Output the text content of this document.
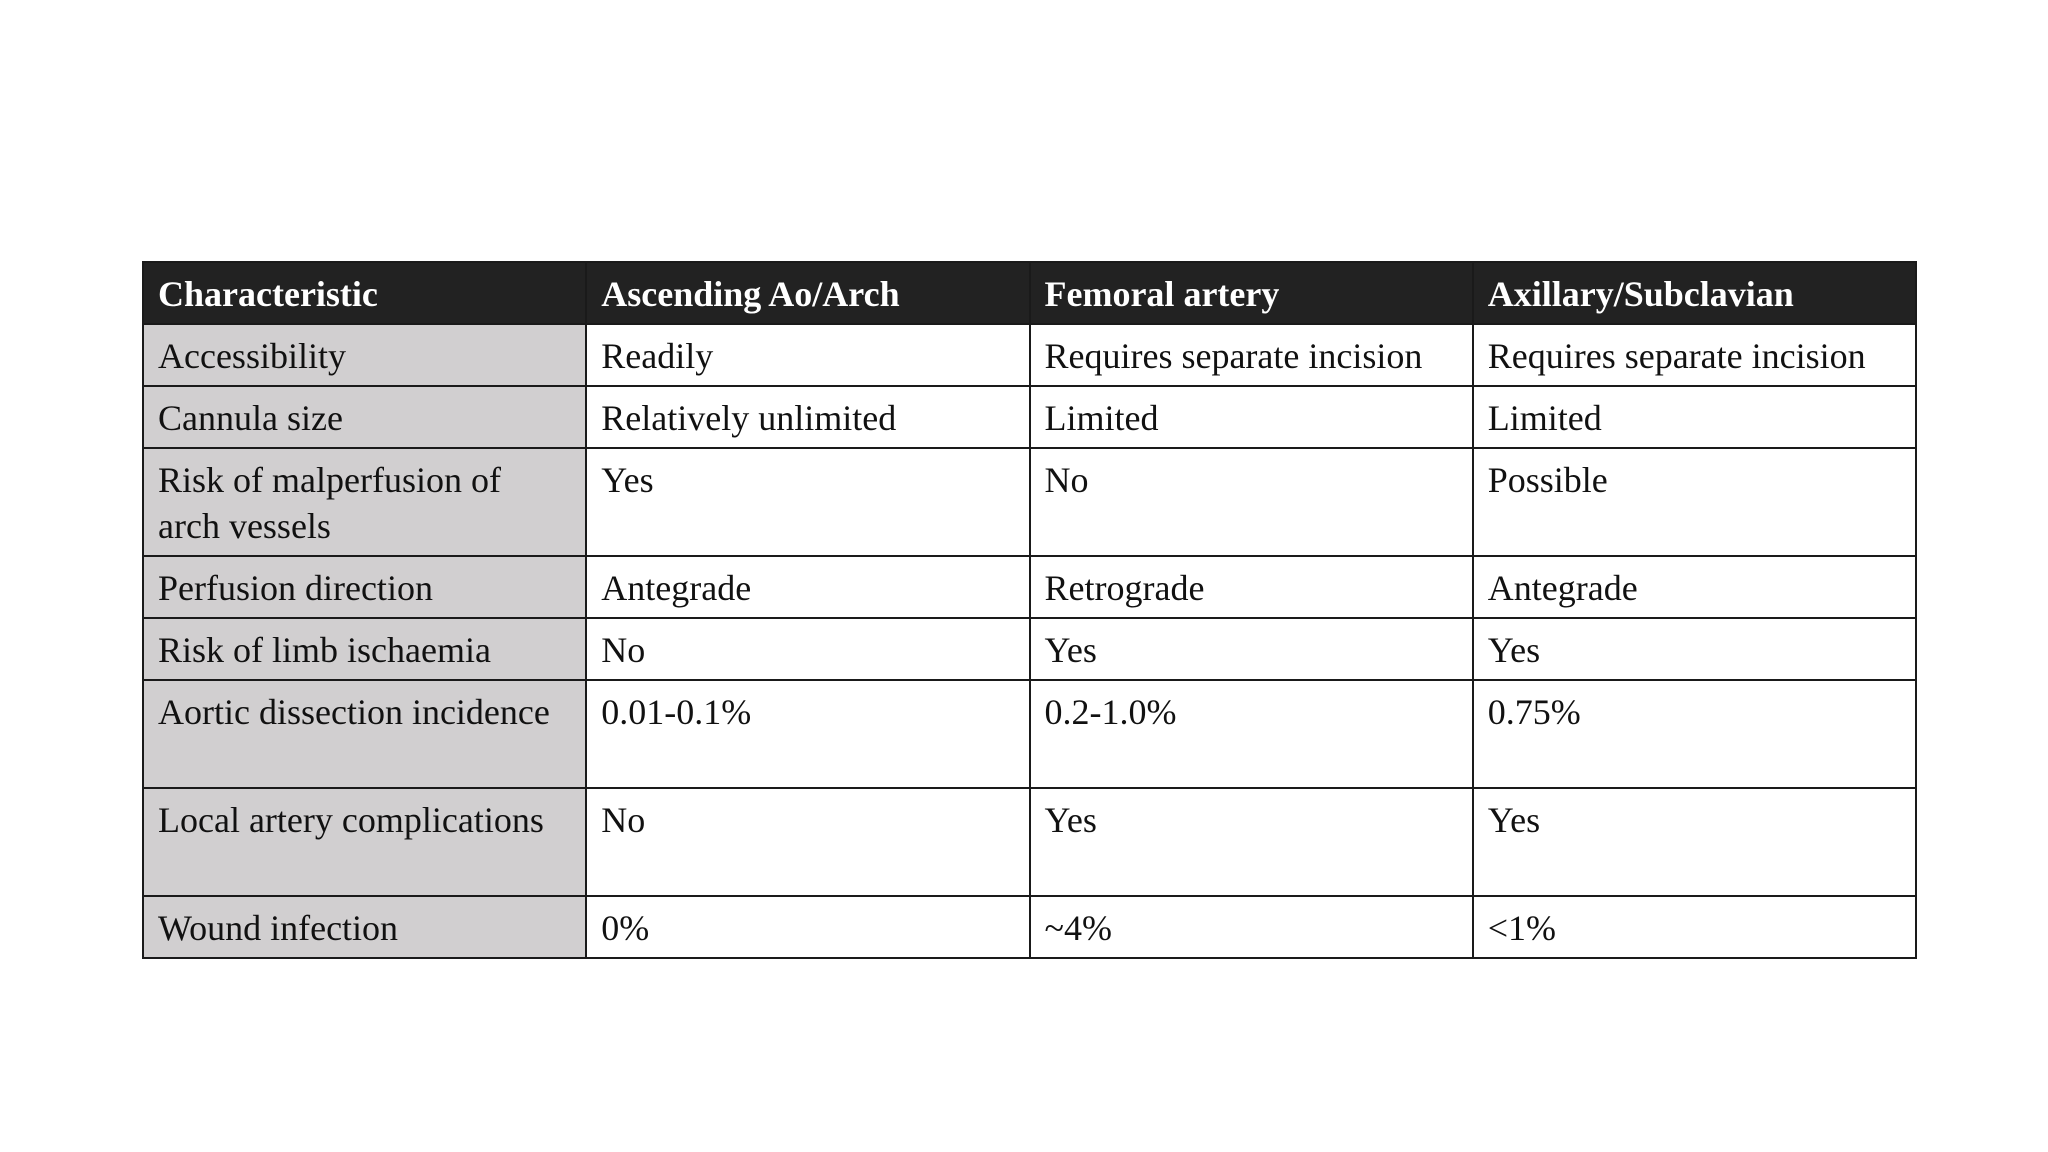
Characteristic	Ascending Ao/Arch	Femoral artery	Axillary/Subclavian
Accessibility	Readily	Requires separate incision	Requires separate incision
Cannula size	Relatively unlimited	Limited	Limited
Risk of malperfusion of arch vessels	Yes	No	Possible
Perfusion direction	Antegrade	Retrograde	Antegrade
Risk of limb ischaemia	No	Yes	Yes
Aortic dissection incidence	0.01-0.1%	0.2-1.0%	0.75%
Local artery complications	No	Yes	Yes
Wound infection	0%	~4%	<1%
